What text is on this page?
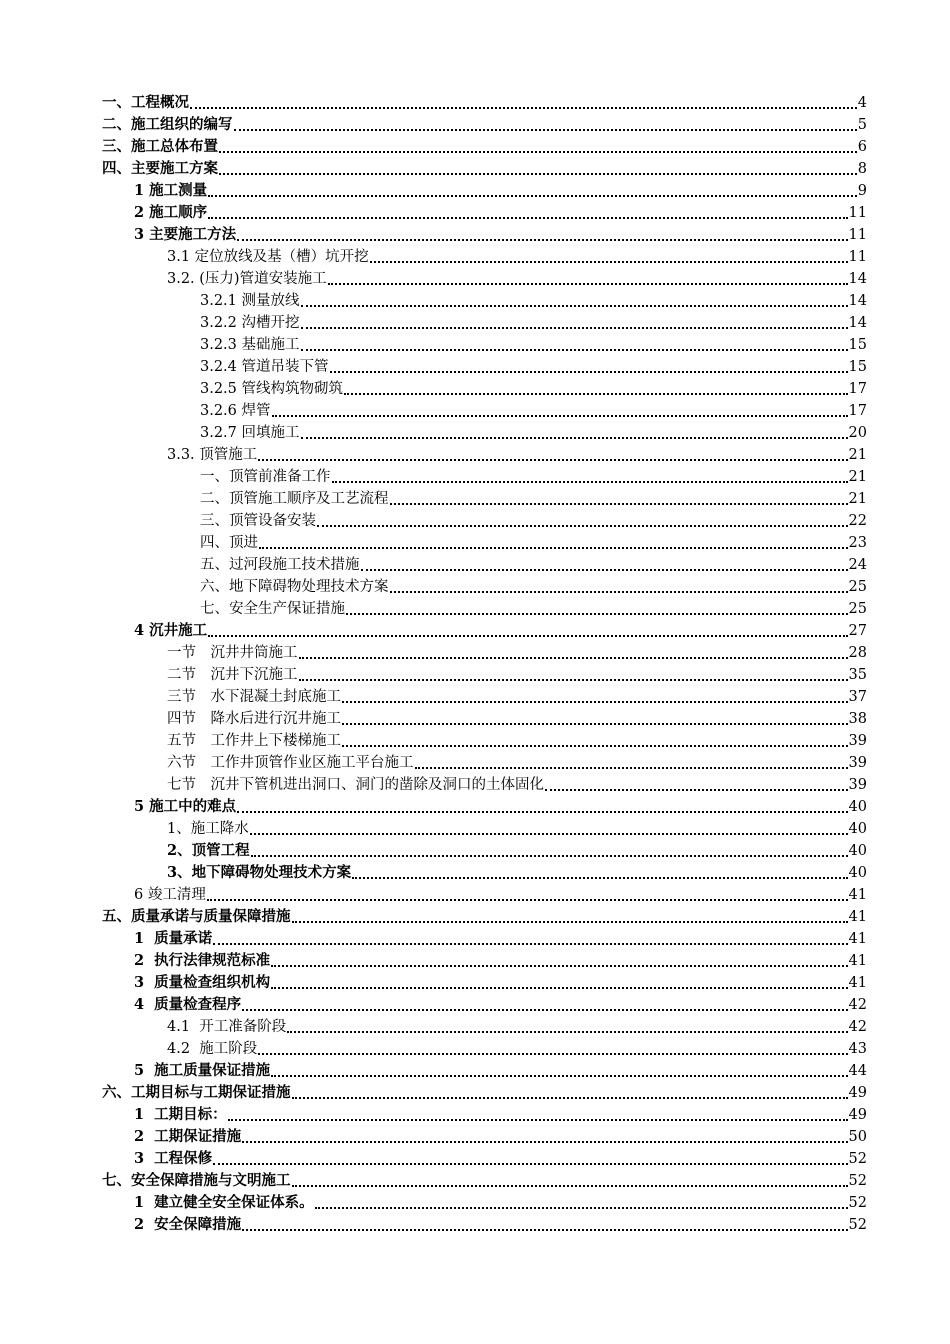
一、工程概况	4
二、施工组织的编写	5
三、施工总体布置	6
四、主要施工方案	8
1 施工测量	9
2 施工顺序	11
3 主要施工方法	11
3.1 定位放线及基（槽）坑开挖	11
3.2. (压力)管道安装施工	14
3.2.1 测量放线	14
3.2.2 沟槽开挖	14
3.2.3 基础施工	15
3.2.4 管道吊装下管	15
3.2.5 管线构筑物砌筑	17
3.2.6 焊管	17
3.2.7 回填施工	20
3.3. 顶管施工	21
一、顶管前准备工作	21
二、顶管施工顺序及工艺流程	21
三、顶管设备安装	22
四、顶进	23
五、过河段施工技术措施	24
六、地下障碍物处理技术方案	25
七、安全生产保证措施	25
4 沉井施工	27
一节　沉井井筒施工	28
二节　沉井下沉施工	35
三节　水下混凝土封底施工	37
四节　降水后进行沉井施工	38
五节　工作井上下楼梯施工	39
六节　工作井顶管作业区施工平台施工	39
七节　沉井下管机进出洞口、洞门的凿除及洞口的土体固化	39
5 施工中的难点	40
1、施工降水	40
2、顶管工程	40
3、地下障碍物处理技术方案	40
6 竣工清理	41
五、质量承诺与质量保障措施	41
1  质量承诺	41
2  执行法律规范标准	41
3  质量检查组织机构	41
4  质量检查程序	42
4.1  开工准备阶段	42
4.2  施工阶段	43
5  施工质量保证措施	44
六、工期目标与工期保证措施	49
1  工期目标：	49
2  工期保证措施	50
3  工程保修	52
七、安全保障措施与文明施工	52
1  建立健全安全保证体系。	52
2  安全保障措施	52
